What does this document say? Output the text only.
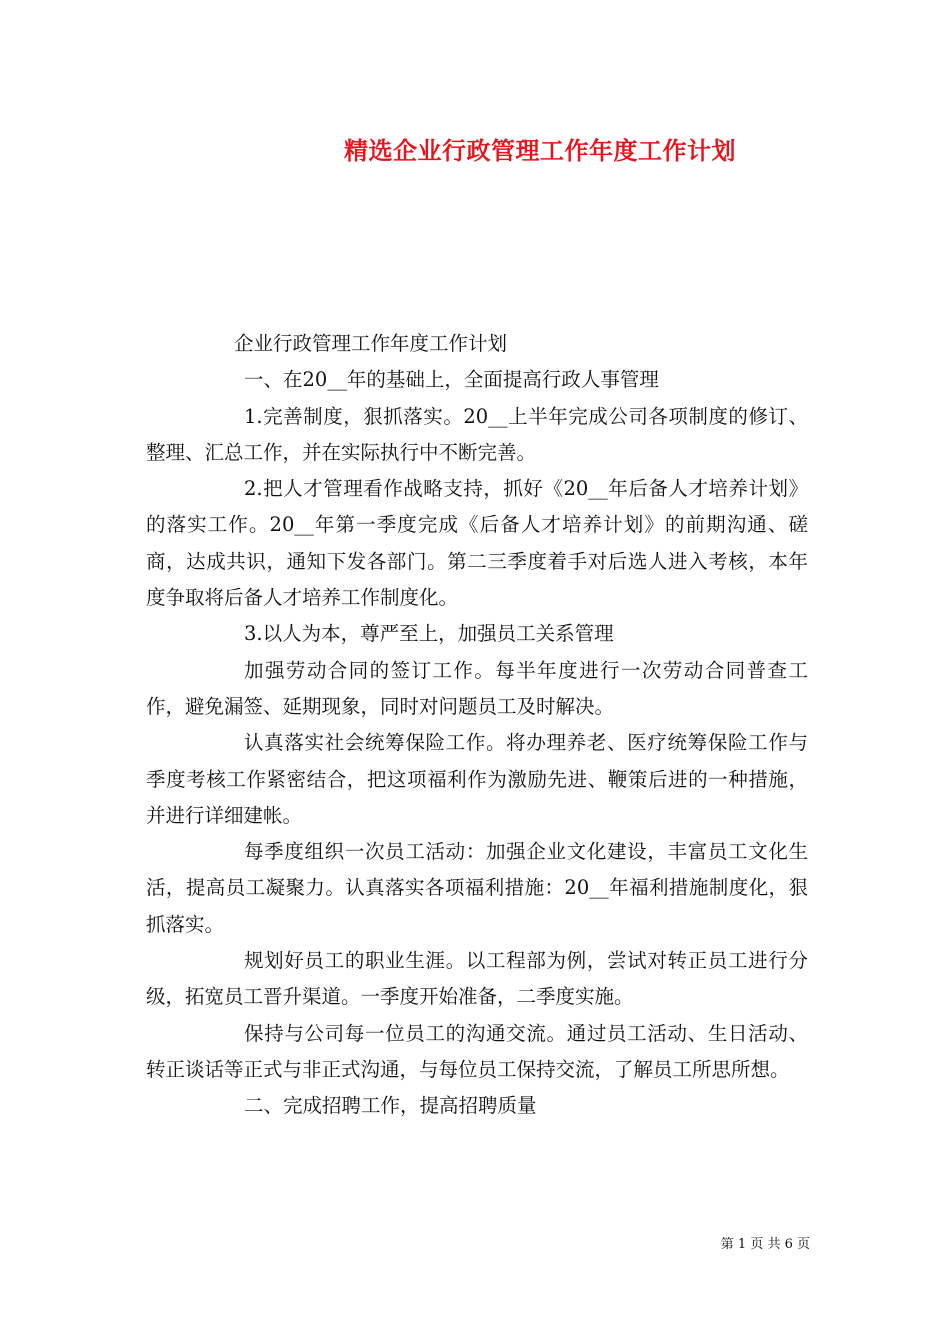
精选企业行政管理工作年度工作计划

企业行政管理工作年度工作计划

一、在20__年的基础上，全面提高行政人事管理

1.完善制度，狠抓落实。20__上半年完成公司各项制度的修订、整理、汇总工作，并在实际执行中不断完善。

2.把人才管理看作战略支持，抓好《20__年后备人才培养计划》的落实工作。20__年第一季度完成《后备人才培养计划》的前期沟通、磋商，达成共识，通知下发各部门。第二三季度着手对后选人进入考核，本年度争取将后备人才培养工作制度化。

3.以人为本，尊严至上，加强员工关系管理

加强劳动合同的签订工作。每半年度进行一次劳动合同普查工作，避免漏签、延期现象，同时对问题员工及时解决。

认真落实社会统筹保险工作。将办理养老、医疗统筹保险工作与季度考核工作紧密结合，把这项福利作为激励先进、鞭策后进的一种措施，并进行详细建帐。

每季度组织一次员工活动：加强企业文化建设，丰富员工文化生活，提高员工凝聚力。认真落实各项福利措施：20__年福利措施制度化，狠抓落实。

规划好员工的职业生涯。以工程部为例，尝试对转正员工进行分级，拓宽员工晋升渠道。一季度开始准备，二季度实施。

保持与公司每一位员工的沟通交流。通过员工活动、生日活动、转正谈话等正式与非正式沟通，与每位员工保持交流，了解员工所思所想。

二、完成招聘工作，提高招聘质量

第 1 页 共 6 页
